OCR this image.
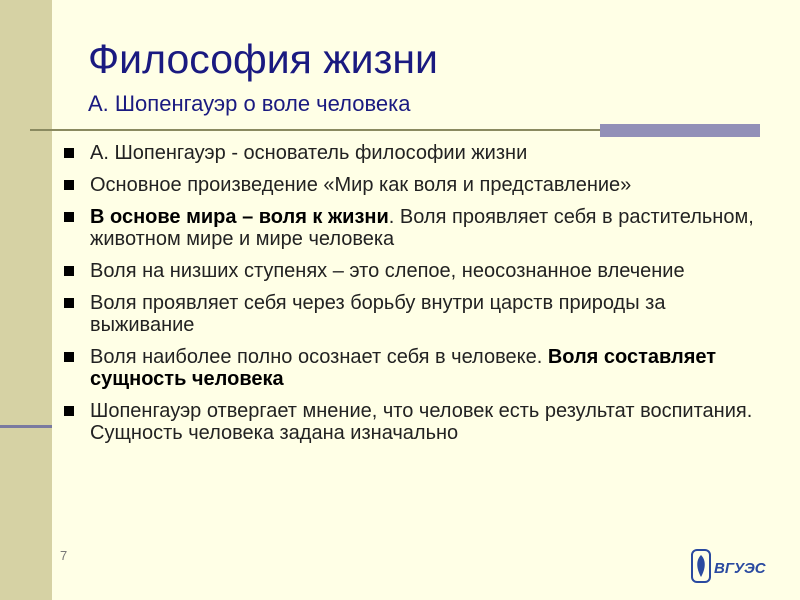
Философия жизни
А. Шопенгауэр о воле человека
А. Шопенгауэр - основатель философии жизни
Основное произведение «Мир как воля и представление»
В основе мира – воля к жизни. Воля проявляет себя в растительном, животном мире и мире человека
Воля на низших ступенях – это слепое, неосознанное влечение
Воля проявляет себя через борьбу внутри царств природы за выживание
Воля наиболее полно осознает себя в человеке. Воля составляет сущность человека
Шопенгауэр отвергает мнение, что человек есть результат воспитания. Сущность человека задана изначально
7
ВГУЭС
